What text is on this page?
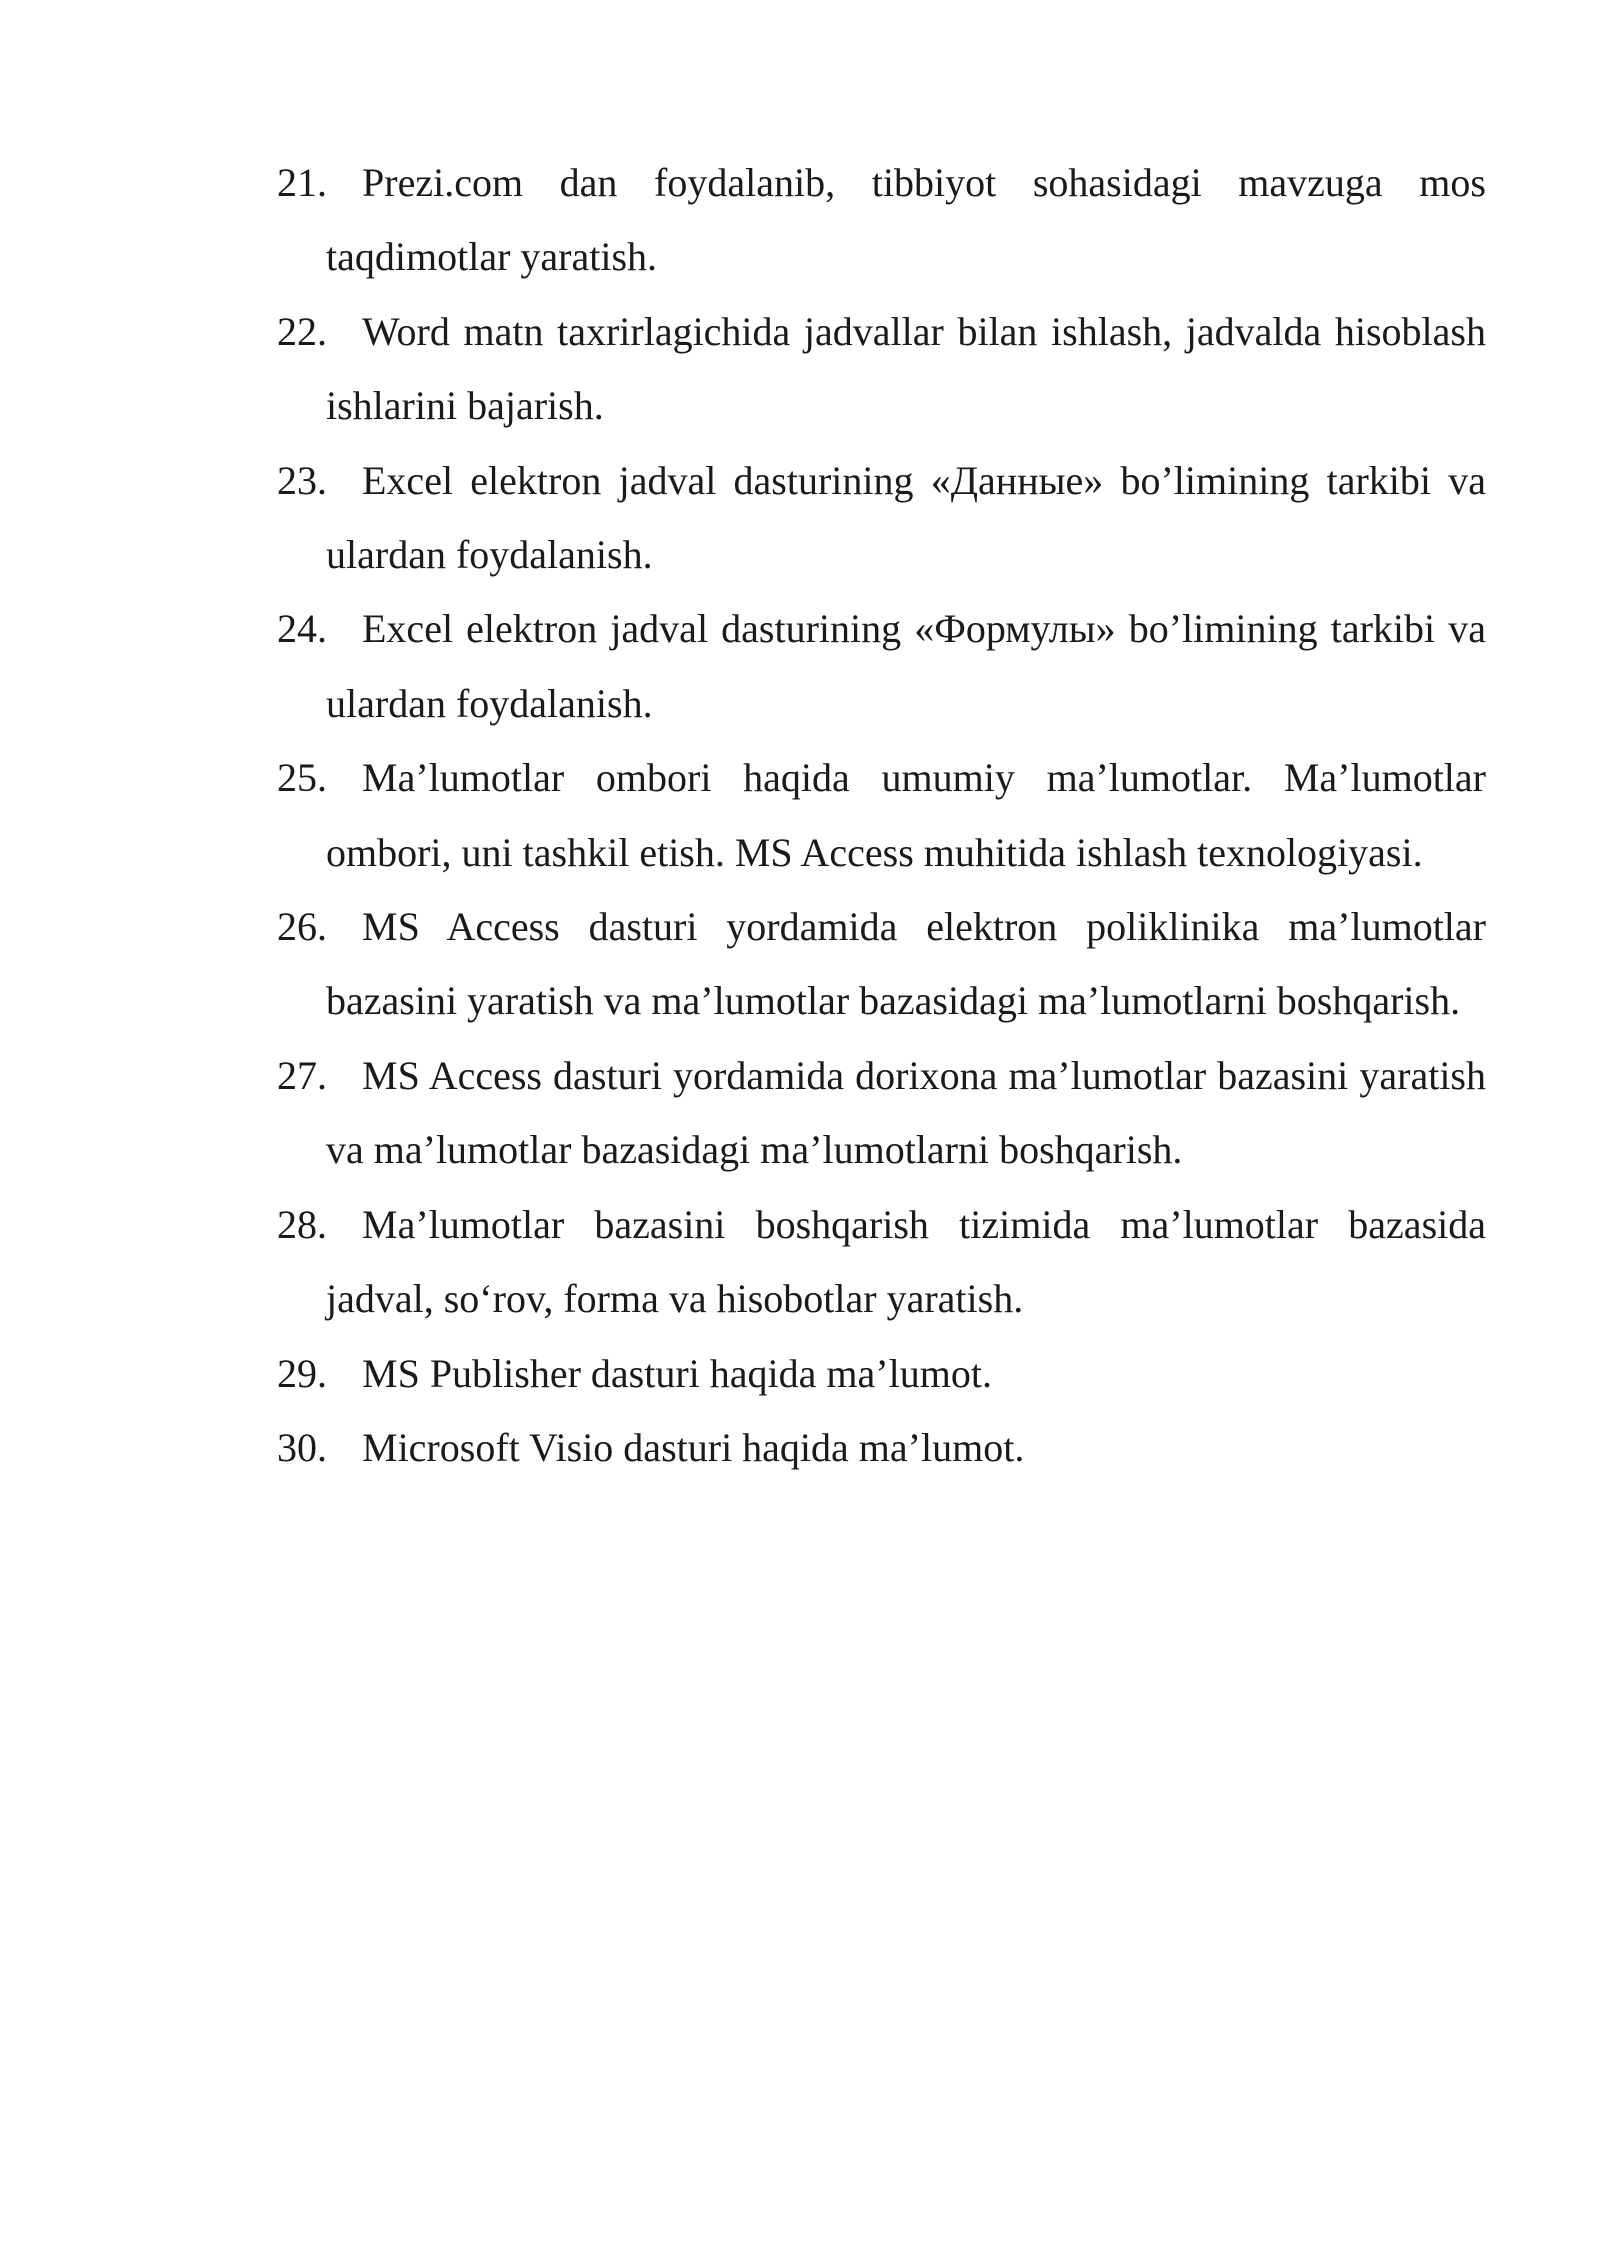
21. Prezi.com dan foydalanib, tibbiyot sohasidagi mavzuga mos taqdimotlar yaratish.
22. Word matn taxrirlagichida jadvallar bilan ishlash, jadvalda hisoblash ishlarini bajarish.
23. Excel elektron jadval dasturining «Данные» bo’limining tarkibi va ulardan foydalanish.
24. Excel elektron jadval dasturining «Формулы» bo’limining tarkibi va ulardan foydalanish.
25. Ma’lumotlar ombori haqida umumiy ma’lumotlar. Ma’lumotlar ombori, uni tashkil etish. MS Access muhitida ishlash texnologiyasi.
26. MS Access dasturi yordamida elektron poliklinika ma’lumotlar bazasini yaratish va ma’lumotlar bazasidagi ma’lumotlarni boshqarish.
27. MS Access dasturi yordamida dorixona ma’lumotlar bazasini yaratish va ma’lumotlar bazasidagi ma’lumotlarni boshqarish.
28. Ma’lumotlar bazasini boshqarish tizimida ma’lumotlar bazasida jadval, so‘rov, forma va hisobotlar yaratish.
29. MS Publisher dasturi haqida ma’lumot.
30. Microsoft Visio dasturi haqida ma’lumot.
